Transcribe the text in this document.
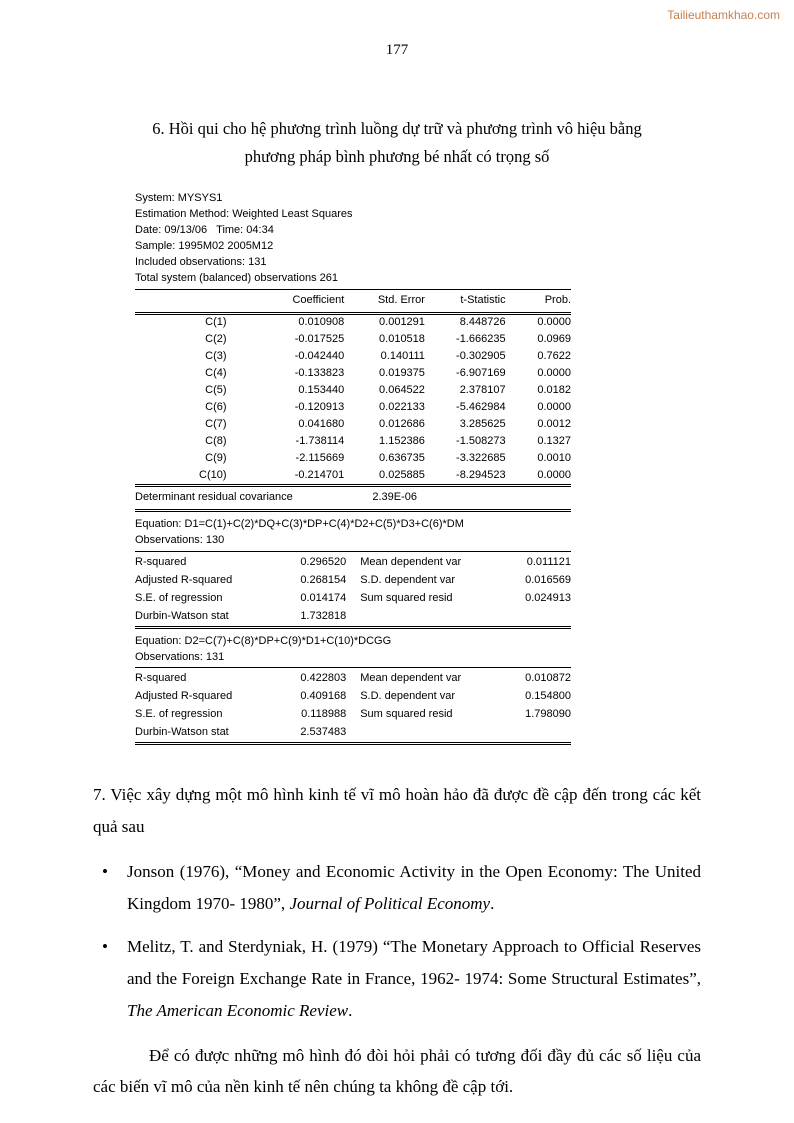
Tailieuthamkhao.com
177
6. Hồi qui cho hệ phương trình luồng dự trữ và phương trình vô hiệu bằng
phương pháp bình phương bé nhất có trọng số
System: MYSYS1
Estimation Method: Weighted Least Squares
Date: 09/13/06   Time: 04:34
Sample: 1995M02 2005M12
Included observations: 131
Total system (balanced) observations 261
	Coefficient	Std. Error	t-Statistic	Prob.
C(1)	0.010908	0.001291	8.448726	0.0000
C(2)	-0.017525	0.010518	-1.666235	0.0969
C(3)	-0.042440	0.140111	-0.302905	0.7622
C(4)	-0.133823	0.019375	-6.907169	0.0000
C(5)	0.153440	0.064522	2.378107	0.0182
C(6)	-0.120913	0.022133	-5.462984	0.0000
C(7)	0.041680	0.012686	3.285625	0.0012
C(8)	-1.738114	1.152386	-1.508273	0.1327
C(9)	-2.115669	0.636735	-3.322685	0.0010
C(10)	-0.214701	0.025885	-8.294523	0.0000
Determinant residual covariance	2.39E-06
Equation: D1=C(1)+C(2)*DQ+C(3)*DP+C(4)*D2+C(5)*D3+C(6)*DM
Observations: 130
R-squared	0.296520	Mean dependent var	0.011121
Adjusted R-squared	0.268154	S.D. dependent var	0.016569
S.E. of regression	0.014174	Sum squared resid	0.024913
Durbin-Watson stat	1.732818		
Equation: D2=C(7)+C(8)*DP+C(9)*D1+C(10)*DCGG
Observations: 131
R-squared	0.422803	Mean dependent var	0.010872
Adjusted R-squared	0.409168	S.D. dependent var	0.154800
S.E. of regression	0.118988	Sum squared resid	1.798090
Durbin-Watson stat	2.537483		

7. Việc xây dựng một mô hình kinh tế vĩ mô hoàn hảo đã được đề cập đến trong các kết quả sau

•	Jonson (1976), “Money and Economic Activity in the Open Economy: The United Kingdom 1970- 1980”, Journal of Political Economy.
•	Melitz, T. and Sterdyniak, H. (1979) “The Monetary Approach to Official Reserves and the Foreign Exchange Rate in France, 1962- 1974: Some Structural Estimates”, The American Economic Review.

Để có được những mô hình đó đòi hỏi phải có tương đối đầy đủ các số liệu của các biến vĩ mô của nền kinh tế nên chúng ta không đề cập tới.
